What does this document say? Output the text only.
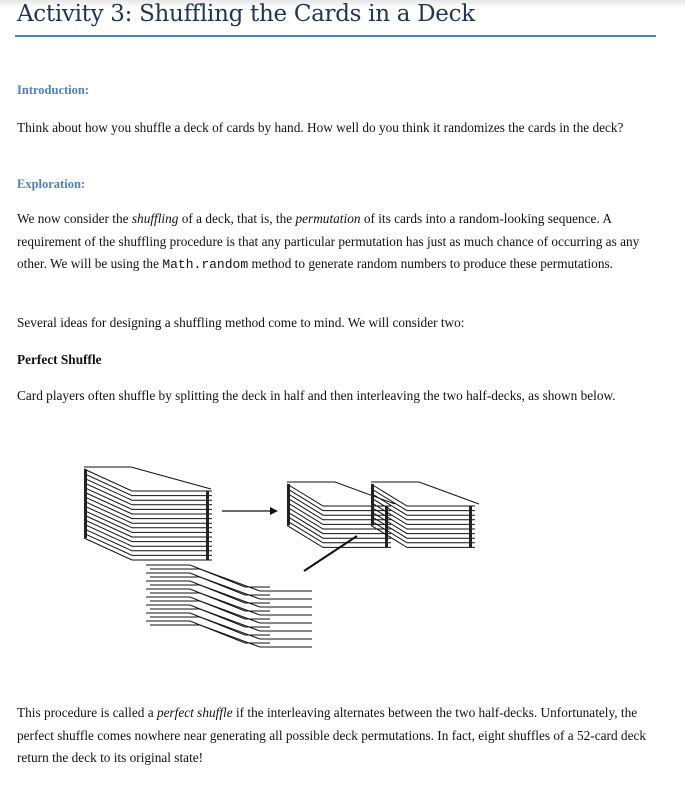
Activity 3: Shuffling the Cards in a Deck
Introduction:
Think about how you shuffle a deck of cards by hand. How well do you think it randomizes the cards in the deck?
Exploration:
We now consider the shuffling of a deck, that is, the permutation of its cards into a random-looking sequence. A requirement of the shuffling procedure is that any particular permutation has just as much chance of occurring as any other. We will be using the Math.random method to generate random numbers to produce these permutations.
Several ideas for designing a shuffling method come to mind. We will consider two:
Perfect Shuffle
Card players often shuffle by splitting the deck in half and then interleaving the two half-decks, as shown below.
This procedure is called a perfect shuffle if the interleaving alternates between the two half-decks. Unfortunately, the perfect shuffle comes nowhere near generating all possible deck permutations. In fact, eight shuffles of a 52-card deck return the deck to its original state!
